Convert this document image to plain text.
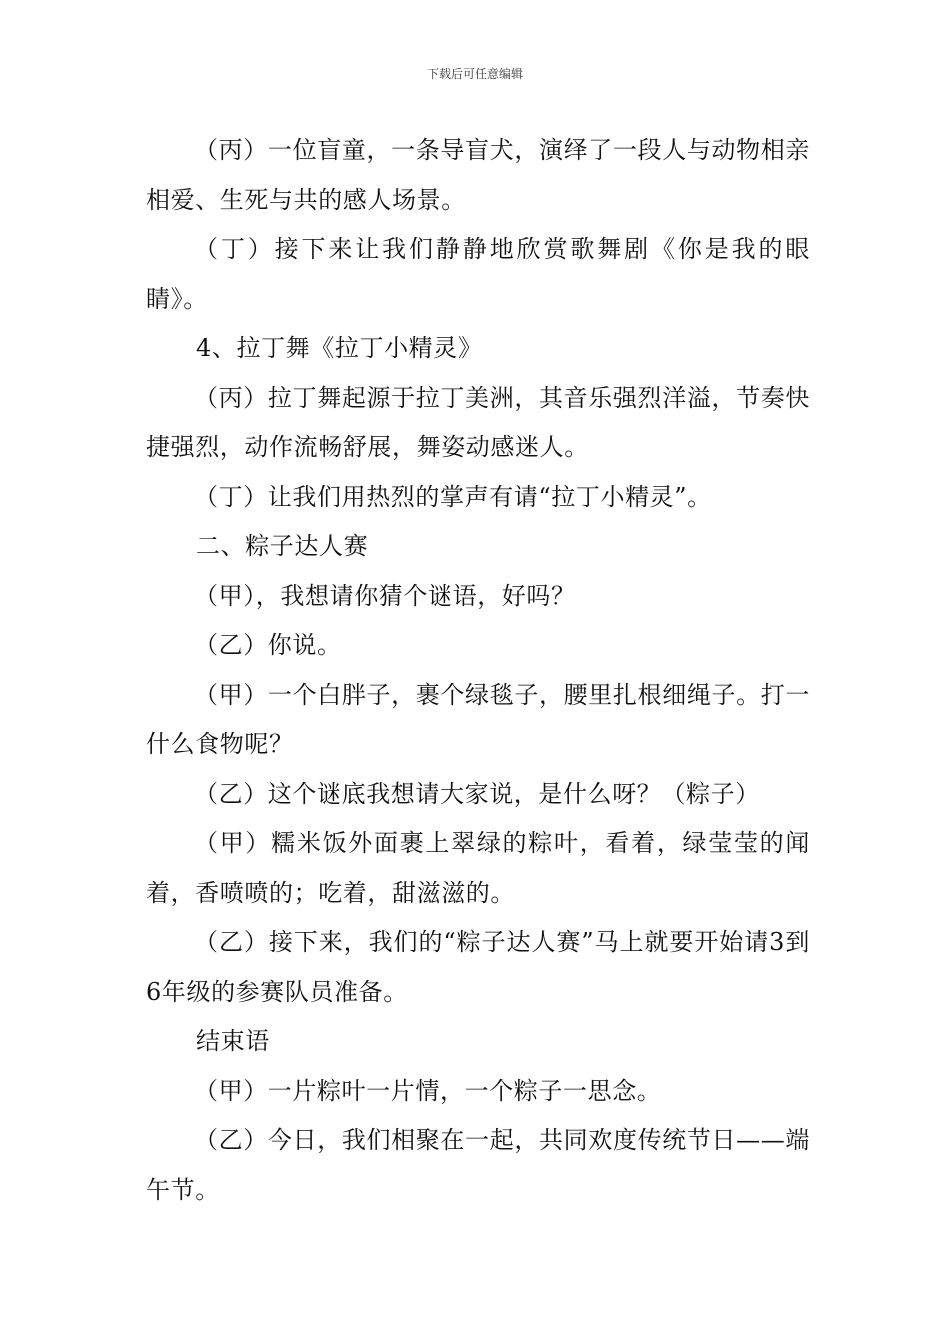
下载后可任意编辑

（丙）一位盲童，一条导盲犬，演绎了一段人与动物相亲相爱、生死与共的感人场景。

（丁）接下来让我们静静地欣赏歌舞剧《你是我的眼睛》。

4、拉丁舞《拉丁小精灵》

（丙）拉丁舞起源于拉丁美洲，其音乐强烈洋溢，节奏快捷强烈，动作流畅舒展，舞姿动感迷人。

（丁）让我们用热烈的掌声有请“拉丁小精灵”。

二、粽子达人赛

（甲），我想请你猜个谜语，好吗？

（乙）你说。

（甲）一个白胖子，裹个绿毯子，腰里扎根细绳子。打一什么食物呢？

（乙）这个谜底我想请大家说，是什么呀？（粽子）

（甲）糯米饭外面裹上翠绿的粽叶，看着，绿莹莹的闻着，香喷喷的；吃着，甜滋滋的。

（乙）接下来，我们的“粽子达人赛”马上就要开始请3到6年级的参赛队员准备。

结束语

（甲）一片粽叶一片情，一个粽子一思念。

（乙）今日，我们相聚在一起，共同欢度传统节日——端午节。
